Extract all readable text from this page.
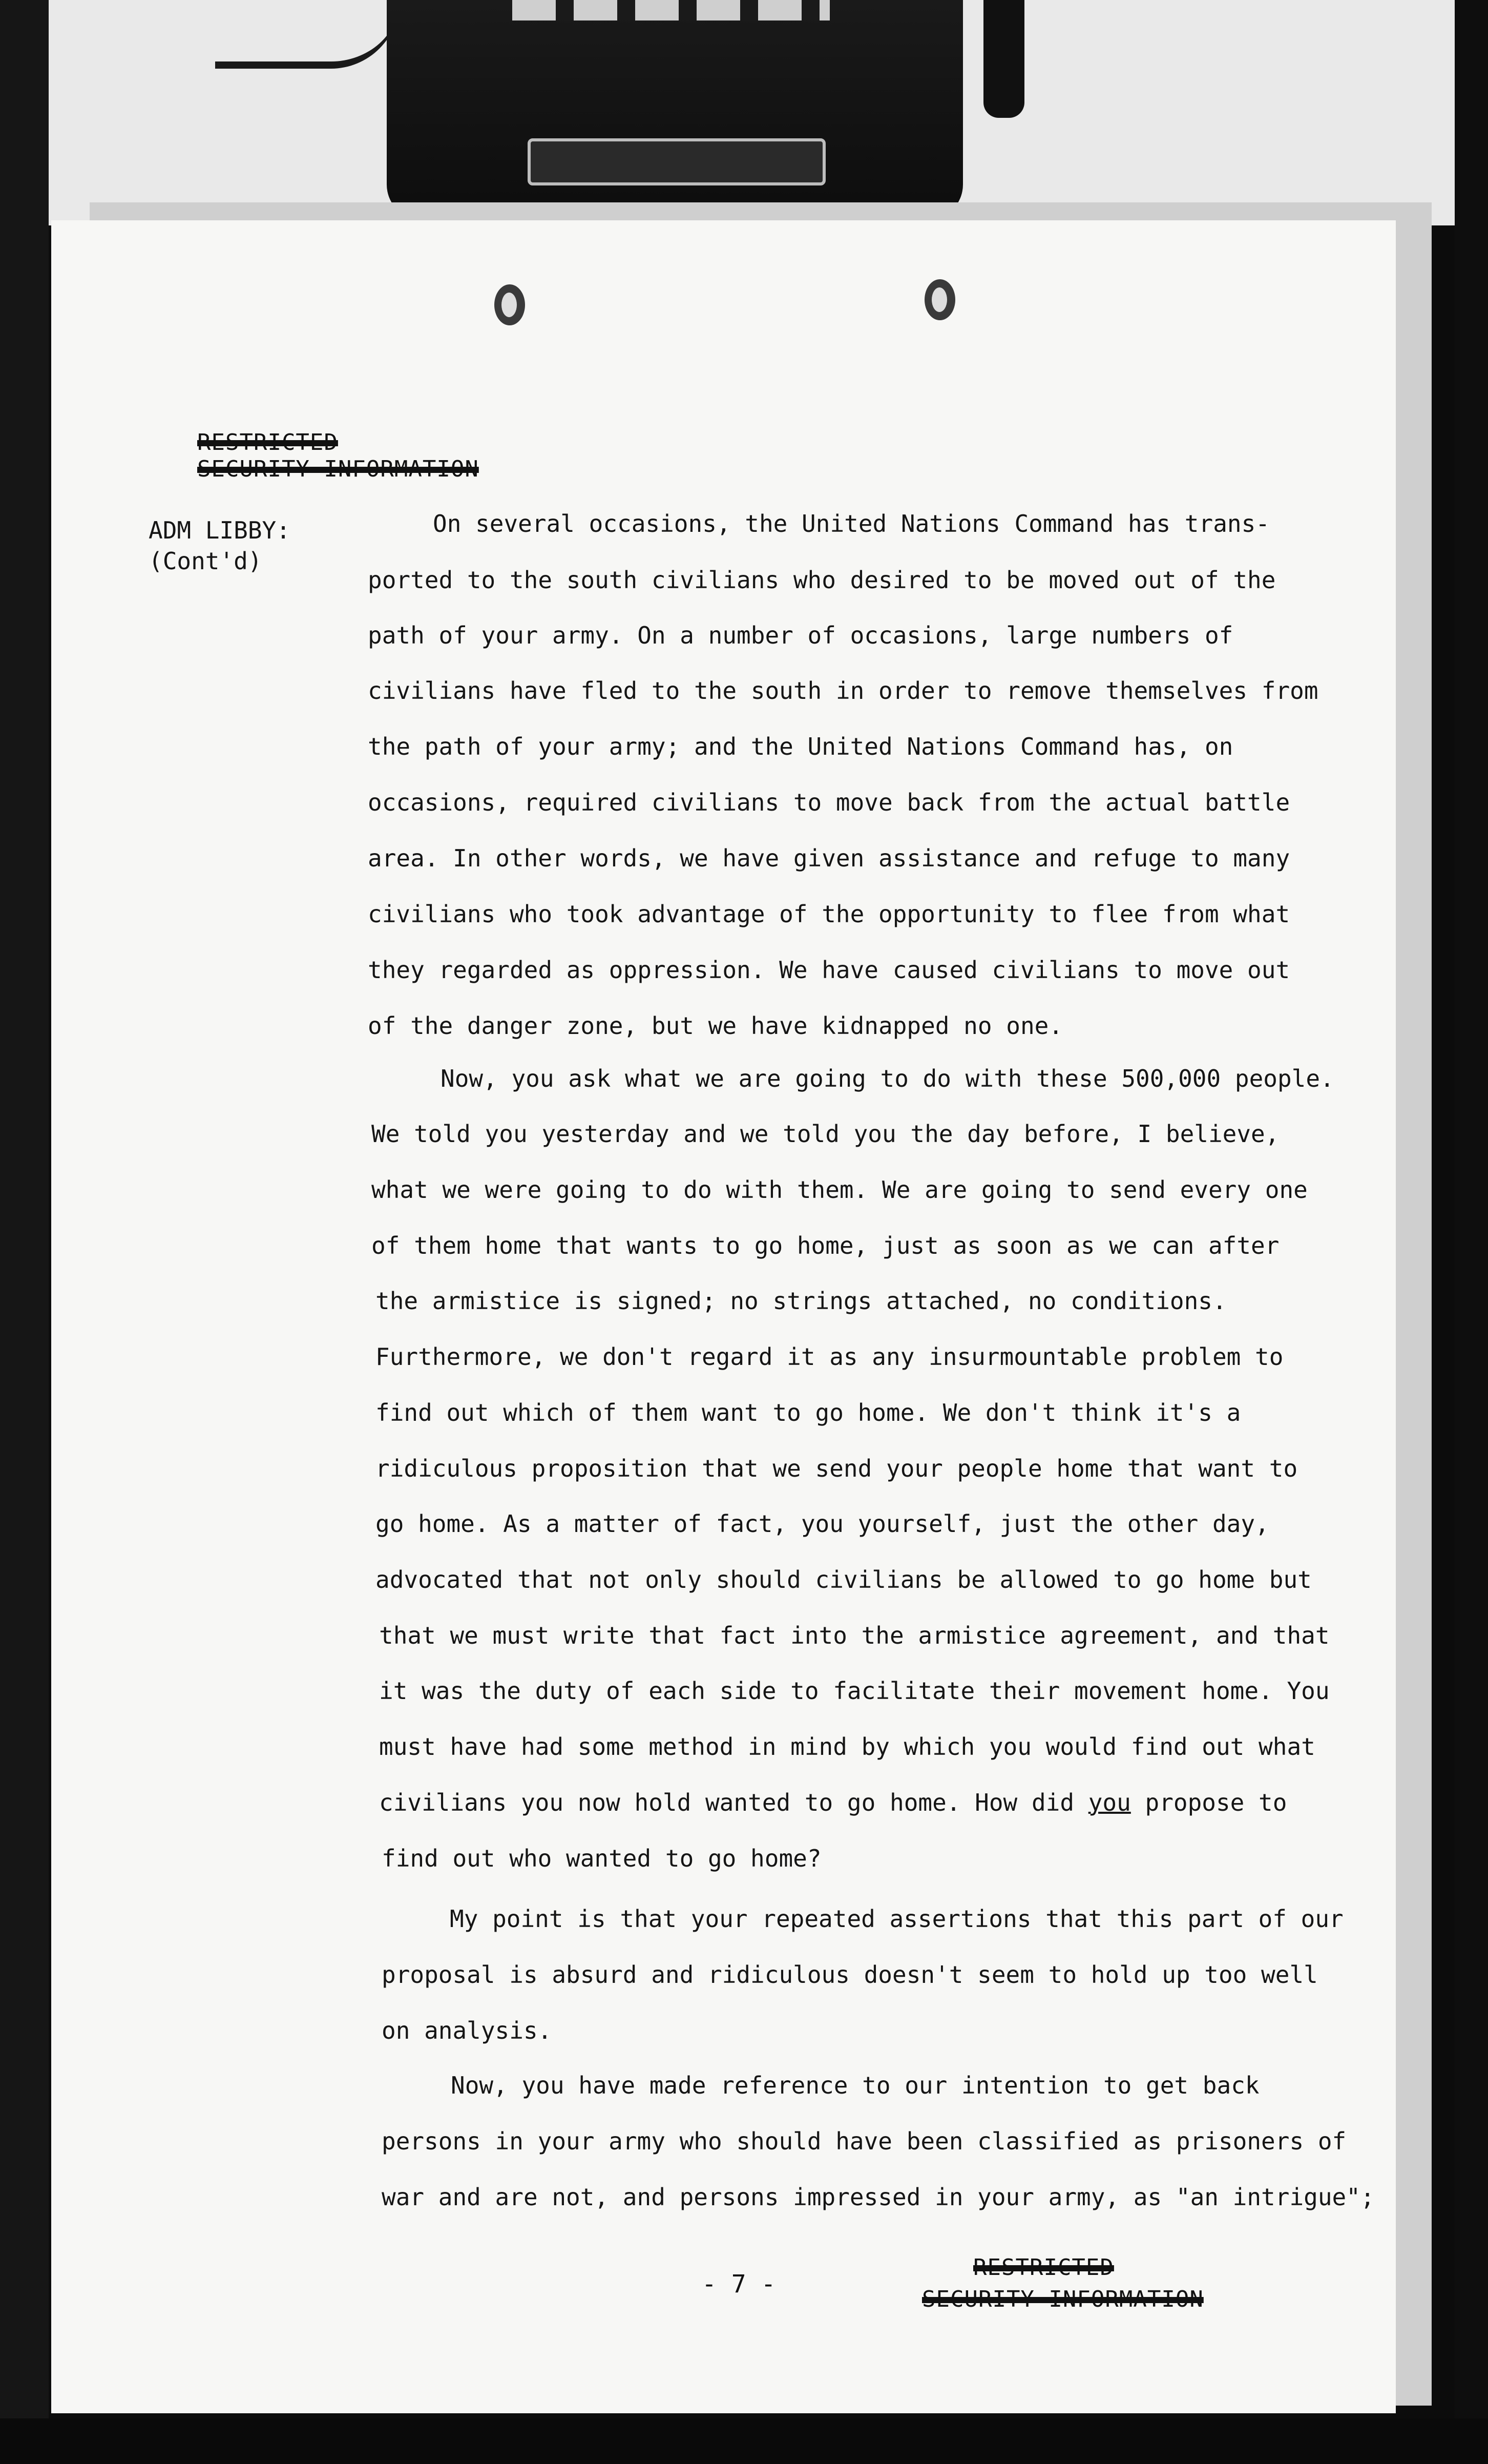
RESTRICTED
SECURITY INFORMATION
ADM LIBBY:
(Cont'd)
On several occasions, the United Nations Command has trans-
ported to the south civilians who desired to be moved out of the
path of your army. On a number of occasions, large numbers of
civilians have fled to the south in order to remove themselves from
the path of your army; and the United Nations Command has, on
occasions, required civilians to move back from the actual battle
area. In other words, we have given assistance and refuge to many
civilians who took advantage of the opportunity to flee from what
they regarded as oppression. We have caused civilians to move out
of the danger zone, but we have kidnapped no one.
Now, you ask what we are going to do with these 500,000 people.
We told you yesterday and we told you the day before, I believe,
what we were going to do with them. We are going to send every one
of them home that wants to go home, just as soon as we can after
the armistice is signed; no strings attached, no conditions.
Furthermore, we don't regard it as any insurmountable problem to
find out which of them want to go home. We don't think it's a
ridiculous proposition that we send your people home that want to
go home. As a matter of fact, you yourself, just the other day,
advocated that not only should civilians be allowed to go home but
that we must write that fact into the armistice agreement, and that
it was the duty of each side to facilitate their movement home. You
must have had some method in mind by which you would find out what
civilians you now hold wanted to go home. How did you propose to
find out who wanted to go home?
My point is that your repeated assertions that this part of our
proposal is absurd and ridiculous doesn't seem to hold up too well
on analysis.
Now, you have made reference to our intention to get back
persons in your army who should have been classified as prisoners of
war and are not, and persons impressed in your army, as "an intrigue";
- 7 -
RESTRICTED
SECURITY INFORMATION
